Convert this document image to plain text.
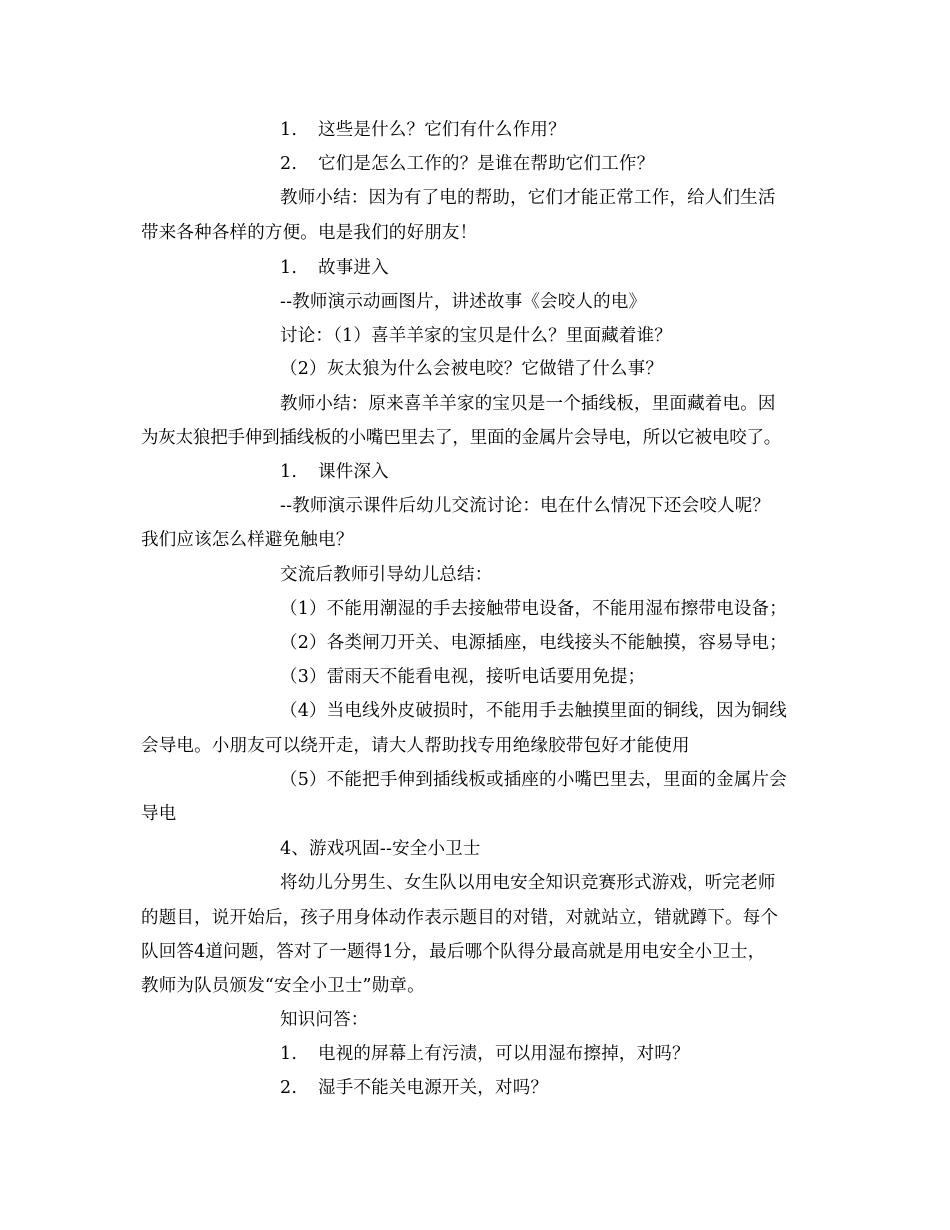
1. 这些是什么？它们有什么作用？
2. 它们是怎么工作的？是谁在帮助它们工作？
教师小结：因为有了电的帮助，它们才能正常工作，给人们生活
带来各种各样的方便。电是我们的好朋友！
1. 故事进入
--教师演示动画图片，讲述故事《会咬人的电》
讨论：（1）喜羊羊家的宝贝是什么？里面藏着谁？
（2）灰太狼为什么会被电咬？它做错了什么事？
教师小结：原来喜羊羊家的宝贝是一个插线板，里面藏着电。因
为灰太狼把手伸到插线板的小嘴巴里去了，里面的金属片会导电，所以它被电咬了。
1. 课件深入
--教师演示课件后幼儿交流讨论：电在什么情况下还会咬人呢？
我们应该怎么样避免触电？
交流后教师引导幼儿总结：
（1）不能用潮湿的手去接触带电设备，不能用湿布擦带电设备；
（2）各类闸刀开关、电源插座，电线接头不能触摸，容易导电；
（3）雷雨天不能看电视，接听电话要用免提；
（4）当电线外皮破损时，不能用手去触摸里面的铜线，因为铜线
会导电。小朋友可以绕开走，请大人帮助找专用绝缘胶带包好才能使用
（5）不能把手伸到插线板或插座的小嘴巴里去，里面的金属片会
导电
4、游戏巩固--安全小卫士
将幼儿分男生、女生队以用电安全知识竞赛形式游戏，听完老师
的题目，说开始后，孩子用身体动作表示题目的对错，对就站立，错就蹲下。每个
队回答4道问题，答对了一题得1分，最后哪个队得分最高就是用电安全小卫士，
教师为队员颁发“安全小卫士”勋章。
知识问答：
1. 电视的屏幕上有污渍，可以用湿布擦掉，对吗？
2. 湿手不能关电源开关，对吗？
